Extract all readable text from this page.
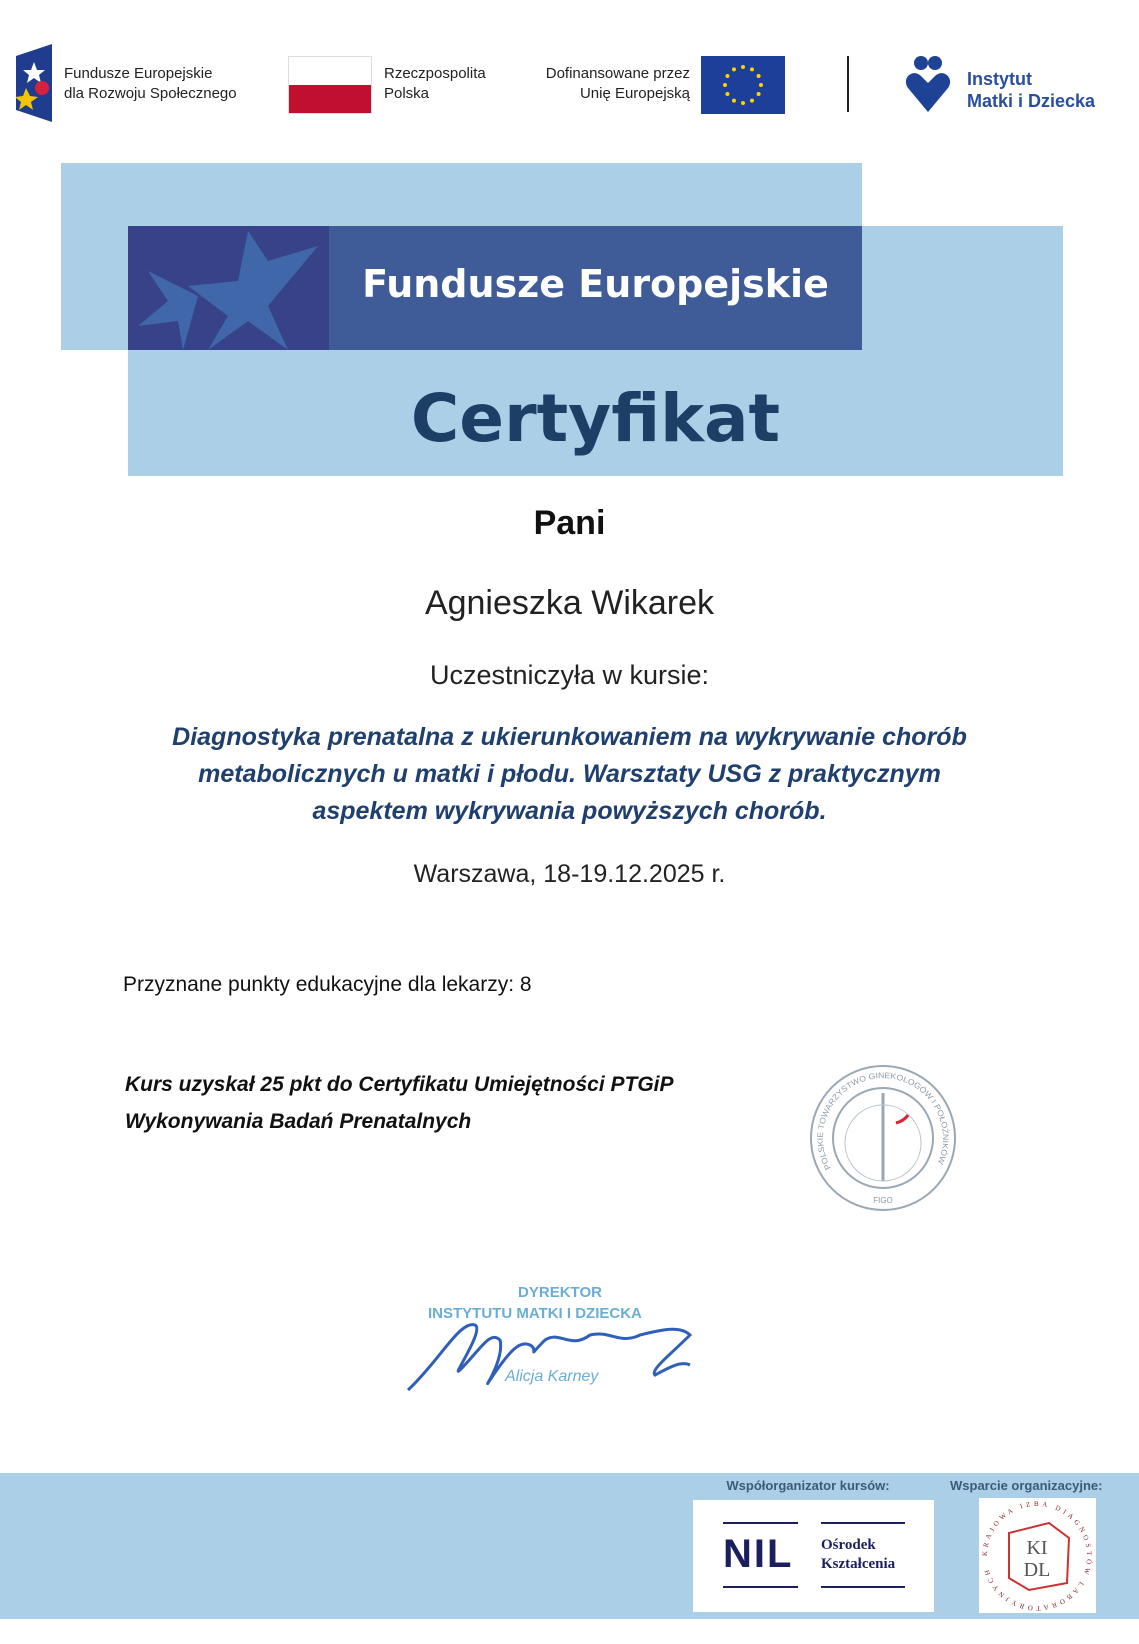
Fundusze Europejskie
dla Rozwoju Społecznego
Rzeczpospolita
Polska
Dofinansowane przez
Unię Europejską
Instytut
Matki i Dziecka
Fundusze Europejskie
Certyfikat
Pani
Agnieszka Wikarek
Uczestniczyła w kursie:
Diagnostyka prenatalna z ukierunkowaniem na wykrywanie chorób
metabolicznych u matki i płodu. Warsztaty USG z praktycznym
aspektem wykrywania powyższych chorób.
Warszawa, 18-19.12.2025 r.
Przyznane punkty edukacyjne dla lekarzy: 8
Kurs uzyskał 25 pkt do Certyfikatu Umiejętności PTGiP
Wykonywania Badań Prenatalnych
POLSKIE TOWARZYSTWO GINEKOLOGÓW I POŁOŻNIKÓW
FIGO
DYREKTOR
INSTYTUTU MATKI I DZIECKA
Alicja Karney
Współorganizator kursów:	Wsparcie organizacyjne:
NIL Ośrodek
Kształcenia
KRAJOWA IZBA DIAGNOSTÓW LABORATORYJNYCH
KI
DL
